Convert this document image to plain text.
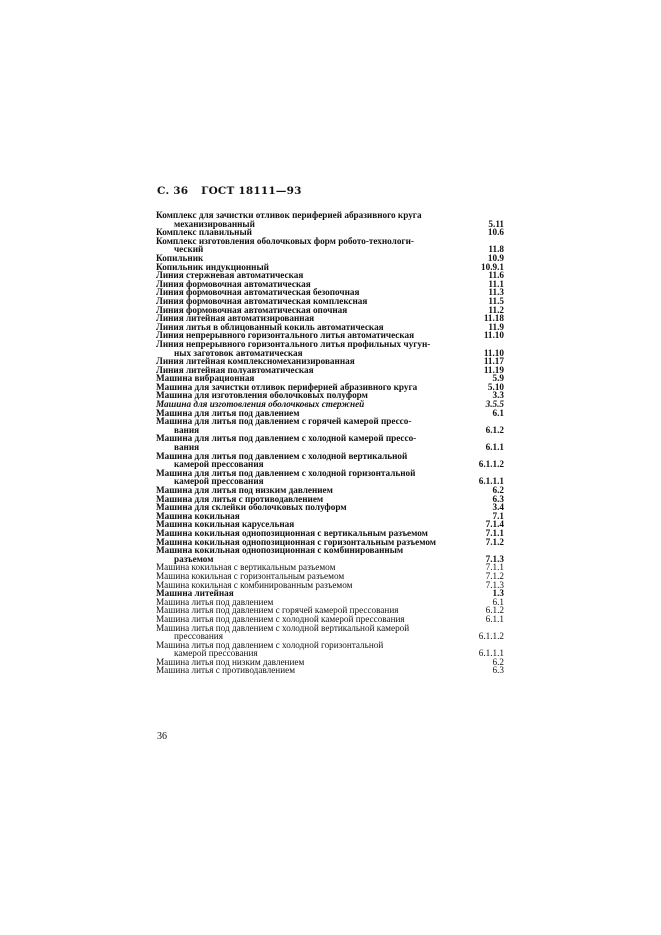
С. 36 ГОСТ 18111—93
Комплекс для зачистки отливок периферией абразивного круга
механизированный	5.11
Комплекс плавильный	10.6
Комплекс изготовления оболочковых форм робото-технологи-
ческий	11.8
Копильник	10.9
Копильник индукционный	10.9.1
Линия стержневая автоматическая	11.6
Линия формовочная автоматическая	11.1
Линия формовочная автоматическая безопочная	11.3
Линия формовочная автоматическая комплексная	11.5
Линия формовочная автоматическая опочная	11.2
Линия литейная автоматизированная	11.18
Линия литья в облицованный кокиль автоматическая	11.9
Линия непрерывного горизонтального литья автоматическая	11.10
Линия непрерывного горизонтального литья профильных чугун-
ных заготовок автоматическая	11.10
Линия литейная комплексномеханизированная	11.17
Линия литейная полуавтоматическая	11.19
Машина вибрационная	5.9
Машина для зачистки отливок периферией абразивного круга	5.10
Машина для изготовления оболочковых полуформ	3.3
Машина для изготовления оболочковых стержней	3.5.5
Машина для литья под давлением	6.1
Машина для литья под давлением с горячей камерой прессо-
вания	6.1.2
Машина для литья под давлением с холодной камерой прессо-
вания	6.1.1
Машина для литья под давлением с холодной вертикальной
камерой прессования	6.1.1.2
Машина для литья под давлением с холодной горизонтальной
камерой прессования	6.1.1.1
Машина для литья под низким давлением	6.2
Машина для литья с противодавлением	6.3
Машина для склейки оболочковых полуформ	3.4
Машина кокильная	7.1
Машина кокильная карусельная	7.1.4
Машина кокильная однопозиционная с вертикальным разъемом	7.1.1
Машина кокильная однопозиционная с горизонтальным разъемом	7.1.2
Машина кокильная однопозиционная с комбинированным
разъемом	7.1.3
Машина кокильная с вертикальным разъемом	7.1.1
Машина кокильная с горизонтальным разъемом	7.1.2
Машина кокильная с комбинированным разъемом	7.1.3
Машина литейная	1.3
Машина литья под давлением	6.1
Машина литья под давлением с горячей камерой прессования	6.1.2
Машина литья под давлением с холодной камерой прессования	6.1.1
Машина литья под давлением с холодной вертикальной камерой
прессования	6.1.1.2
Машина литья под давлением с холодной горизонтальной
камерой прессования	6.1.1.1
Машина литья под низким давлением	6.2
Машина литья с противодавлением	6.3
36
